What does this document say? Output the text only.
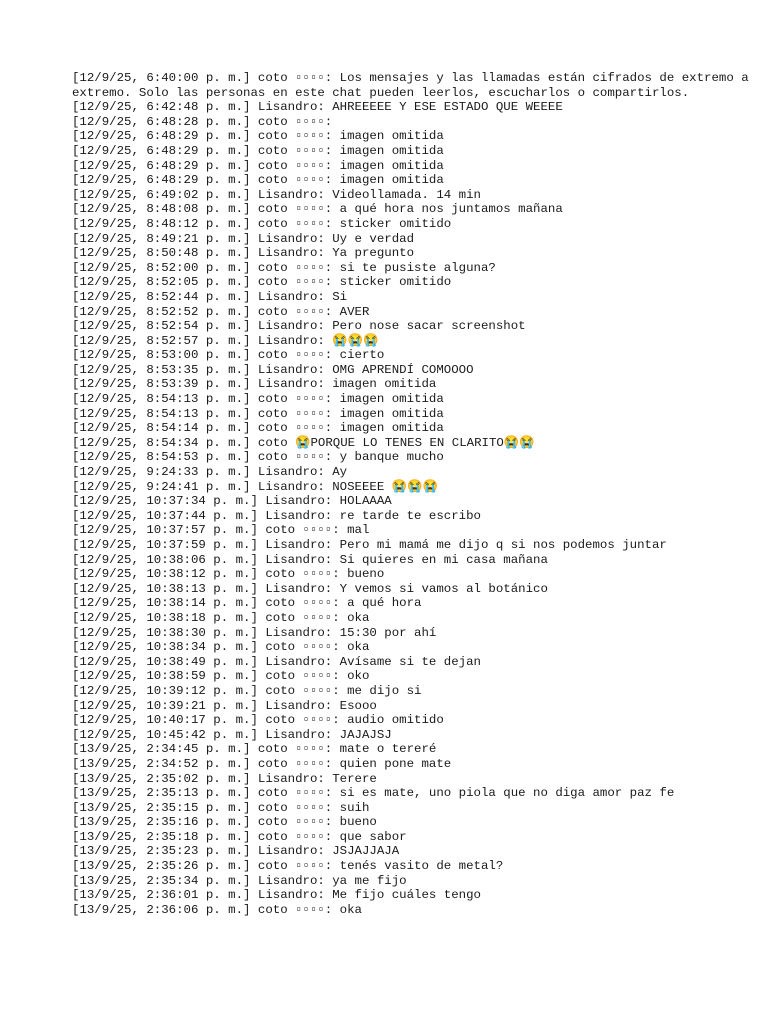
[12/9/25, 6:40:00 p. m.] coto ▫▫▫▫: Los mensajes y las llamadas están cifrados de extremo a extremo. Solo las personas en este chat pueden leerlos, escucharlos o compartirlos.
[12/9/25, 6:42:48 p. m.] Lisandro: AHREEEEE Y ESE ESTADO QUE WEEEE
[12/9/25, 6:48:28 p. m.] coto ▫▫▫▫:
[12/9/25, 6:48:29 p. m.] coto ▫▫▫▫: imagen omitida
[12/9/25, 6:48:29 p. m.] coto ▫▫▫▫: imagen omitida
[12/9/25, 6:48:29 p. m.] coto ▫▫▫▫: imagen omitida
[12/9/25, 6:48:29 p. m.] coto ▫▫▫▫: imagen omitida
[12/9/25, 6:49:02 p. m.] Lisandro: Videollamada. 14 min
[12/9/25, 8:48:08 p. m.] coto ▫▫▫▫: a qué hora nos juntamos mañana
[12/9/25, 8:48:12 p. m.] coto ▫▫▫▫: sticker omitido
[12/9/25, 8:49:21 p. m.] Lisandro: Uy e verdad
[12/9/25, 8:50:48 p. m.] Lisandro: Ya pregunto
[12/9/25, 8:52:00 p. m.] coto ▫▫▫▫: si te pusiste alguna?
[12/9/25, 8:52:05 p. m.] coto ▫▫▫▫: sticker omitido
[12/9/25, 8:52:44 p. m.] Lisandro: Si
[12/9/25, 8:52:52 p. m.] coto ▫▫▫▫: AVER
[12/9/25, 8:52:54 p. m.] Lisandro: Pero nose sacar screenshot
[12/9/25, 8:52:57 p. m.] Lisandro: 😭😭😭
[12/9/25, 8:53:00 p. m.] coto ▫▫▫▫: cierto
[12/9/25, 8:53:35 p. m.] Lisandro: OMG APRENDÍ COMOOOO
[12/9/25, 8:53:39 p. m.] Lisandro: imagen omitida
[12/9/25, 8:54:13 p. m.] coto ▫▫▫▫: imagen omitida
[12/9/25, 8:54:13 p. m.] coto ▫▫▫▫: imagen omitida
[12/9/25, 8:54:14 p. m.] coto ▫▫▫▫: imagen omitida
[12/9/25, 8:54:34 p. m.] coto 😭PORQUE LO TENES EN CLARITO😭😭
[12/9/25, 8:54:53 p. m.] coto ▫▫▫▫: y banque mucho
[12/9/25, 9:24:33 p. m.] Lisandro: Ay
[12/9/25, 9:24:41 p. m.] Lisandro: NOSEEEE 😭😭😭
[12/9/25, 10:37:34 p. m.] Lisandro: HOLAAAA
[12/9/25, 10:37:44 p. m.] Lisandro: re tarde te escribo
[12/9/25, 10:37:57 p. m.] coto ▫▫▫▫: mal
[12/9/25, 10:37:59 p. m.] Lisandro: Pero mi mamá me dijo q si nos podemos juntar
[12/9/25, 10:38:06 p. m.] Lisandro: Si quieres en mi casa mañana
[12/9/25, 10:38:12 p. m.] coto ▫▫▫▫: bueno
[12/9/25, 10:38:13 p. m.] Lisandro: Y vemos si vamos al botánico
[12/9/25, 10:38:14 p. m.] coto ▫▫▫▫: a qué hora
[12/9/25, 10:38:18 p. m.] coto ▫▫▫▫: oka
[12/9/25, 10:38:30 p. m.] Lisandro: 15:30 por ahí
[12/9/25, 10:38:34 p. m.] coto ▫▫▫▫: oka
[12/9/25, 10:38:49 p. m.] Lisandro: Avísame si te dejan
[12/9/25, 10:38:59 p. m.] coto ▫▫▫▫: oko
[12/9/25, 10:39:12 p. m.] coto ▫▫▫▫: me dijo si
[12/9/25, 10:39:21 p. m.] Lisandro: Esooo
[12/9/25, 10:40:17 p. m.] coto ▫▫▫▫: audio omitido
[12/9/25, 10:45:42 p. m.] Lisandro: JAJAJSJ
[13/9/25, 2:34:45 p. m.] coto ▫▫▫▫: mate o tereré
[13/9/25, 2:34:52 p. m.] coto ▫▫▫▫: quien pone mate
[13/9/25, 2:35:02 p. m.] Lisandro: Terere
[13/9/25, 2:35:13 p. m.] coto ▫▫▫▫: si es mate, uno piola que no diga amor paz fe
[13/9/25, 2:35:15 p. m.] coto ▫▫▫▫: suih
[13/9/25, 2:35:16 p. m.] coto ▫▫▫▫: bueno
[13/9/25, 2:35:18 p. m.] coto ▫▫▫▫: que sabor
[13/9/25, 2:35:23 p. m.] Lisandro: JSJAJJAJA
[13/9/25, 2:35:26 p. m.] coto ▫▫▫▫: tenés vasito de metal?
[13/9/25, 2:35:34 p. m.] Lisandro: ya me fijo
[13/9/25, 2:36:01 p. m.] Lisandro: Me fijo cuáles tengo
[13/9/25, 2:36:06 p. m.] coto ▫▫▫▫: oka
